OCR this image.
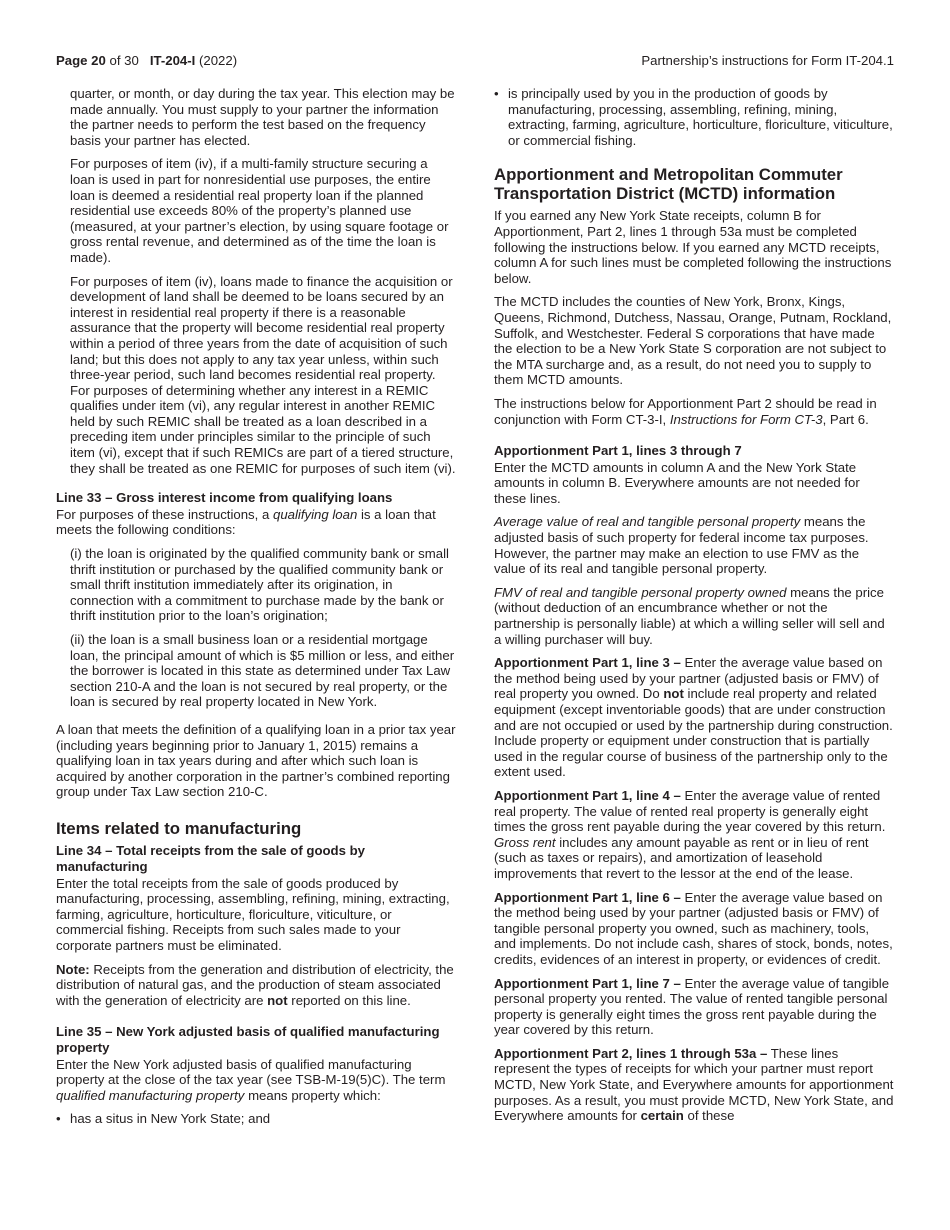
Page 20 of 30 IT-204-I (2022)	Partnership’s instructions for Form IT-204.1

quarter, or month, or day during the tax year. This election may be made annually. You must supply to your partner the information the partner needs to perform the test based on the frequency basis your partner has elected.

For purposes of item (iv), if a multi-family structure securing a loan is used in part for nonresidential use purposes, the entire loan is deemed a residential real property loan if the planned residential use exceeds 80% of the property’s planned use (measured, at your partner’s election, by using square footage or gross rental revenue, and determined as of the time the loan is made).

For purposes of item (iv), loans made to finance the acquisition or development of land shall be deemed to be loans secured by an interest in residential real property if there is a reasonable assurance that the property will become residential real property within a period of three years from the date of acquisition of such land; but this does not apply to any tax year unless, within such three-year period, such land becomes residential real property. For purposes of determining whether any interest in a REMIC qualifies under item (vi), any regular interest in another REMIC held by such REMIC shall be treated as a loan described in a preceding item under principles similar to the principle of such item (vi), except that if such REMICs are part of a tiered structure, they shall be treated as one REMIC for purposes of such item (vi).

Line 33 – Gross interest income from qualifying loans

For purposes of these instructions, a qualifying loan is a loan that meets the following conditions:

(i) the loan is originated by the qualified community bank or small thrift institution or purchased by the qualified community bank or small thrift institution immediately after its origination, in connection with a commitment to purchase made by the bank or thrift institution prior to the loan’s origination;

(ii) the loan is a small business loan or a residential mortgage loan, the principal amount of which is $5 million or less, and either the borrower is located in this state as determined under Tax Law section 210-A and the loan is not secured by real property, or the loan is secured by real property located in New York.

A loan that meets the definition of a qualifying loan in a prior tax year (including years beginning prior to January 1, 2015) remains a qualifying loan in tax years during and after which such loan is acquired by another corporation in the partner’s combined reporting group under Tax Law section 210-C.

Items related to manufacturing
Line 34 – Total receipts from the sale of goods by manufacturing

Enter the total receipts from the sale of goods produced by manufacturing, processing, assembling, refining, mining, extracting, farming, agriculture, horticulture, floriculture, viticulture, or commercial fishing. Receipts from such sales made to your corporate partners must be eliminated.

Note: Receipts from the generation and distribution of electricity, the distribution of natural gas, and the production of steam associated with the generation of electricity are not reported on this line.

Line 35 – New York adjusted basis of qualified manufacturing property

Enter the New York adjusted basis of qualified manufacturing property at the close of the tax year (see TSB-M-19(5)C). The term qualified manufacturing property means property which:

• has a situs in New York State; and
• is principally used by you in the production of goods by manufacturing, processing, assembling, refining, mining, extracting, farming, agriculture, horticulture, floriculture, viticulture, or commercial fishing.
Apportionment and Metropolitan Commuter Transportation District (MCTD) information

If you earned any New York State receipts, column B for Apportionment, Part 2, lines 1 through 53a must be completed following the instructions below. If you earned any MCTD receipts, column A for such lines must be completed following the instructions below.

The MCTD includes the counties of New York, Bronx, Kings, Queens, Richmond, Dutchess, Nassau, Orange, Putnam, Rockland, Suffolk, and Westchester. Federal S corporations that have made the election to be a New York State S corporation are not subject to the MTA surcharge and, as a result, do not need you to supply to them MCTD amounts.

The instructions below for Apportionment Part 2 should be read in conjunction with Form CT-3-I, Instructions for Form CT-3, Part 6.

Apportionment Part 1, lines 3 through 7

Enter the MCTD amounts in column A and the New York State amounts in column B. Everywhere amounts are not needed for these lines.

Average value of real and tangible personal property means the adjusted basis of such property for federal income tax purposes. However, the partner may make an election to use FMV as the value of its real and tangible personal property.

FMV of real and tangible personal property owned means the price (without deduction of an encumbrance whether or not the partnership is personally liable) at which a willing seller will sell and a willing purchaser will buy.

Apportionment Part 1, line 3 – Enter the average value based on the method being used by your partner (adjusted basis or FMV) of real property you owned. Do not include real property and related equipment (except inventoriable goods) that are under construction and are not occupied or used by the partnership during construction. Include property or equipment under construction that is partially used in the regular course of business of the partnership only to the extent used.

Apportionment Part 1, line 4 – Enter the average value of rented real property. The value of rented real property is generally eight times the gross rent payable during the year covered by this return. Gross rent includes any amount payable as rent or in lieu of rent (such as taxes or repairs), and amortization of leasehold improvements that revert to the lessor at the end of the lease.

Apportionment Part 1, line 6 – Enter the average value based on the method being used by your partner (adjusted basis or FMV) of tangible personal property you owned, such as machinery, tools, and implements. Do not include cash, shares of stock, bonds, notes, credits, evidences of an interest in property, or evidences of credit.

Apportionment Part 1, line 7 – Enter the average value of tangible personal property you rented. The value of rented tangible personal property is generally eight times the gross rent payable during the year covered by this return.

Apportionment Part 2, lines 1 through 53a – These lines represent the types of receipts for which your partner must report MCTD, New York State, and Everywhere amounts for apportionment purposes. As a result, you must provide MCTD, New York State, and Everywhere amounts for certain of these
